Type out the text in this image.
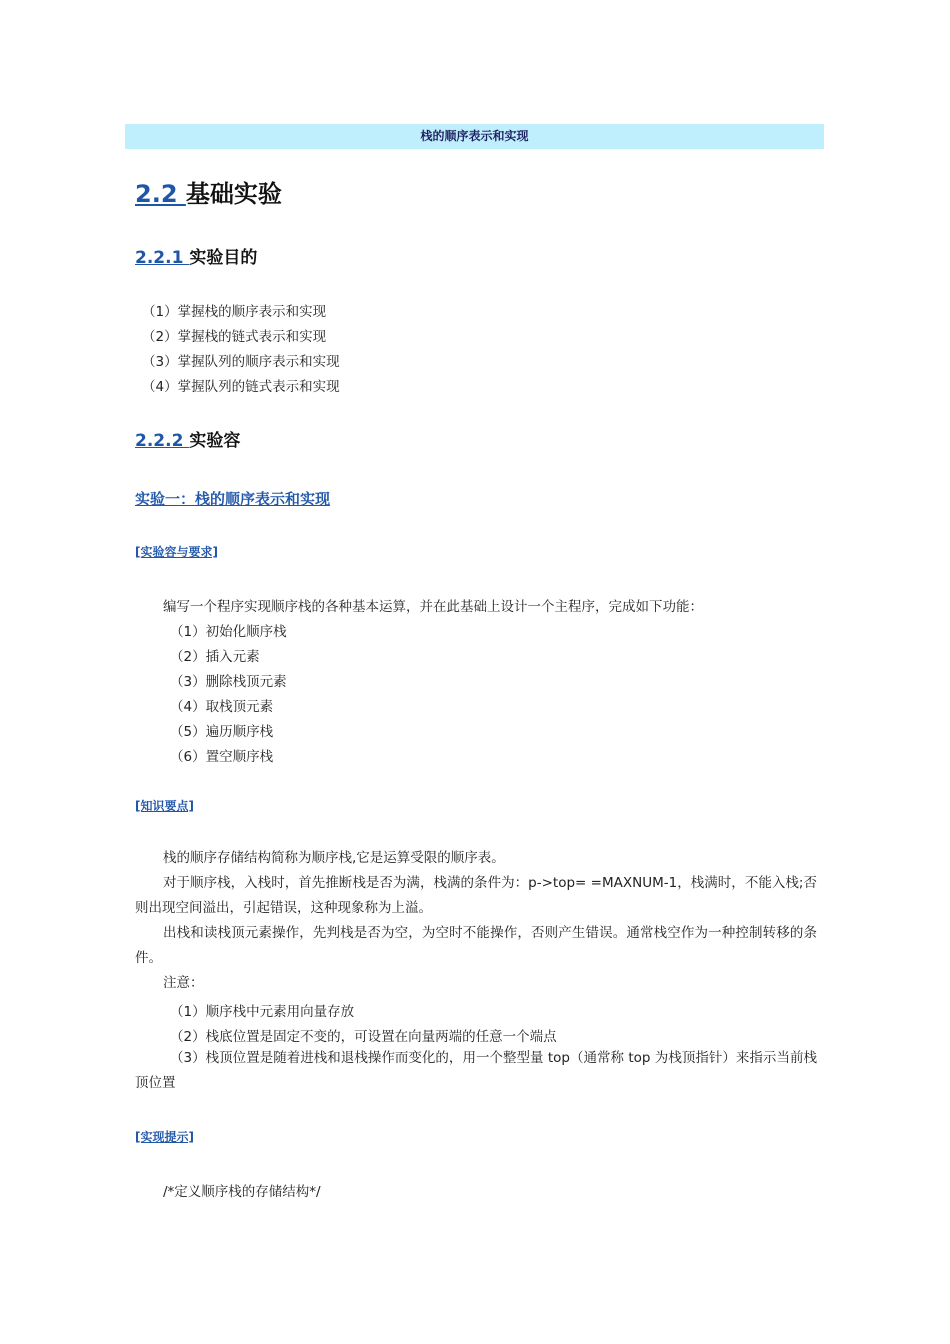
栈的顺序表示和实现
2.2 基础实验
2.2.1 实验目的
（1）掌握栈的顺序表示和实现
（2）掌握栈的链式表示和实现
（3）掌握队列的顺序表示和实现
（4）掌握队列的链式表示和实现
2.2.2 实验容
实验一：栈的顺序表示和实现
[实验容与要求]
编写一个程序实现顺序栈的各种基本运算，并在此基础上设计一个主程序，完成如下功能：
（1）初始化顺序栈
（2）插入元素
（3）删除栈顶元素
（4）取栈顶元素
（5）遍历顺序栈
（6）置空顺序栈
[知识要点]
栈的顺序存储结构简称为顺序栈,它是运算受限的顺序表。
对于顺序栈，入栈时，首先推断栈是否为满，栈满的条件为：p->top= =MAXNUM-1，栈满时，不能入栈;否则出现空间溢出，引起错误，这种现象称为上溢。
出栈和读栈顶元素操作，先判栈是否为空，为空时不能操作，否则产生错误。通常栈空作为一种控制转移的条件。
注意：
（1）顺序栈中元素用向量存放
（2）栈底位置是固定不变的，可设置在向量两端的任意一个端点
（3）栈顶位置是随着进栈和退栈操作而变化的，用一个整型量 top（通常称 top 为栈顶指针）来指示当前栈顶位置
[实现提示]
/*定义顺序栈的存储结构*/
